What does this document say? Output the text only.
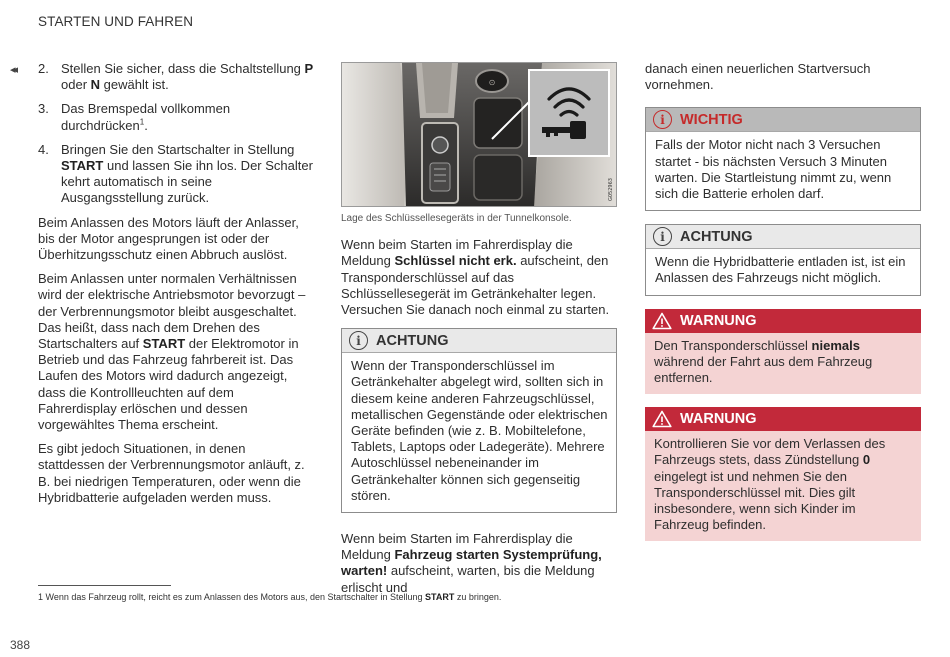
STARTEN UND FAHREN
◂◂ 2. Stellen Sie sicher, dass die Schaltstellung P oder N gewählt ist.
3. Das Bremspedal vollkommen durchdrücken$^1$.
4. Bringen Sie den Startschalter in Stellung START und lassen Sie ihn los. Der Schalter kehrt automatisch in seine Ausgangsstellung zurück.

Beim Anlassen des Motors läuft der Anlasser, bis der Motor angesprungen ist oder der Überhitzungsschutz einen Abbruch auslöst.

Beim Anlassen unter normalen Verhältnissen wird der elektrische Antriebsmotor bevorzugt – der Verbrennungsmotor bleibt ausgeschaltet. Das heißt, dass nach dem Drehen des Startschalters auf START der Elektromotor in Betrieb und das Fahrzeug fahrbereit ist. Das Laufen des Motors wird dadurch angezeigt, dass die Kontrollleuchten auf dem Fahrerdisplay erlöschen und dessen vorgewähltes Thema erscheint.

Es gibt jedoch Situationen, in denen stattdessen der Verbrennungsmotor anläuft, z. B. bei niedrigen Temperaturen, oder wenn die Hybridbatterie aufgeladen werden muss.

⊙
G052963
Lage des Schlüssellesegeräts in der Tunnelkonsole.

Wenn beim Starten im Fahrerdisplay die Meldung Schlüssel nicht erk. aufscheint, den Transponderschlüssel auf das Schlüssellesegerät im Getränkehalter legen. Versuchen Sie danach noch einmal zu starten.

i	ACHTUNG
Wenn der Transponderschlüssel im Getränkehalter abgelegt wird, sollten sich in diesem keine anderen Fahrzeugschlüssel, metallischen Gegenstände oder elektrischen Geräte befinden (wie z. B. Mobiltelefone, Tablets, Laptops oder Ladegeräte). Mehrere Autoschlüssel nebeneinander im Getränkehalter können sich gegenseitig stören.

Wenn beim Starten im Fahrerdisplay die Meldung Fahrzeug starten Systemprüfung, warten! aufscheint, warten, bis die Meldung erlischt und

danach einen neuerlichen Startversuch vornehmen.

i	WICHTIG
Falls der Motor nicht nach 3 Versuchen startet - bis nächsten Versuch 3 Minuten warten. Die Startleistung nimmt zu, wenn sich die Batterie erholen darf.
i	ACHTUNG
Wenn die Hybridbatterie entladen ist, ist ein Anlassen des Fahrzeugs nicht möglich.
WARNUNG
Den Transponderschlüssel niemals während der Fahrt aus dem Fahrzeug entfernen.
WARNUNG
Kontrollieren Sie vor dem Verlassen des Fahrzeugs stets, dass Zündstellung 0 eingelegt ist und nehmen Sie den Transponderschlüssel mit. Dies gilt insbesondere, wenn sich Kinder im Fahrzeug befinden.
1 Wenn das Fahrzeug rollt, reicht es zum Anlassen des Motors aus, den Startschalter in Stellung START zu bringen.
388
